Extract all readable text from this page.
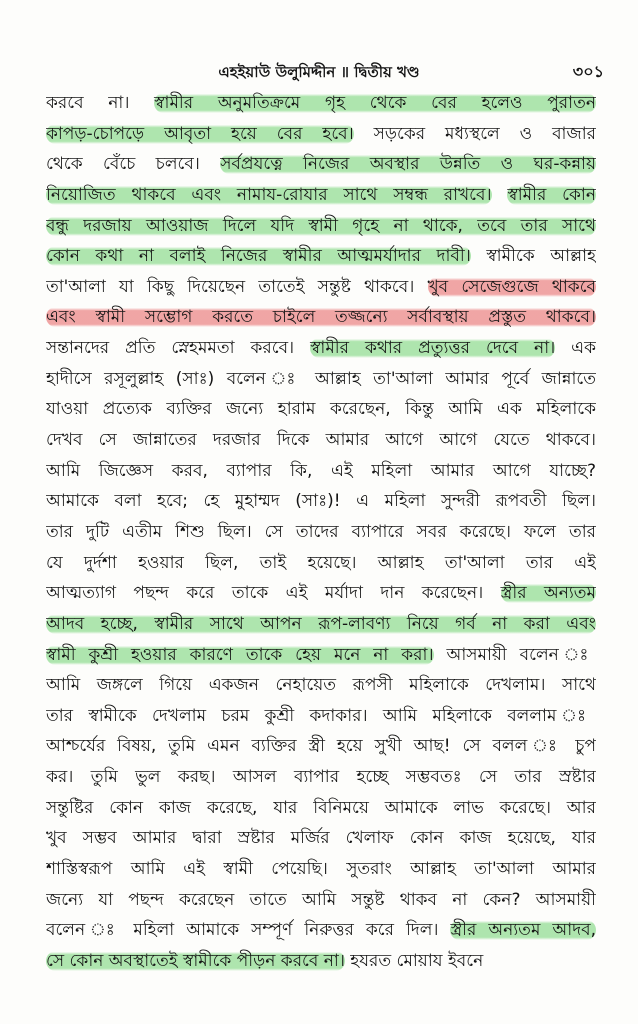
এহইয়াউ উলুমিদ্দীন ॥ দ্বিতীয় খণ্ড	৩০১
করবে না। স্বামীর অনুমতিক্রমে গৃহ থেকে বের হলেও পুরাতন
কাপড়-চোপড়ে আবৃতা হয়ে বের হবে। সড়কের মধ্যস্থলে ও বাজার
থেকে বেঁচে চলবে। সর্বপ্রযত্নে নিজের অবস্থার উন্নতি ও ঘর-কন্নায়
নিয়োজিত থাকবে এবং নামায-রোযার সাথে সম্বন্ধ রাখবে। স্বামীর কোন
বন্ধু দরজায় আওয়াজ দিলে যদি স্বামী গৃহে না থাকে, তবে তার সাথে
কোন কথা না বলাই নিজের স্বামীর আত্মমর্যাদার দাবী। স্বামীকে আল্লাহ
তা'আলা যা কিছু দিয়েছেন তাতেই সন্তুষ্ট থাকবে। খুব সেজেগুজে থাকবে
এবং স্বামী সম্ভোগ করতে চাইলে তজ্জন্যে সর্বাবস্থায় প্রস্তুত থাকবে।
সন্তানদের প্রতি স্নেহমমতা করবে। স্বামীর কথার প্রত্যুত্তর দেবে না। এক
হাদীসে রসূলুল্লাহ (সাঃ) বলেন ঃ আল্লাহ তা'আলা আমার পূর্বে জান্নাতে
যাওয়া প্রত্যেক ব্যক্তির জন্যে হারাম করেছেন, কিন্তু আমি এক মহিলাকে
দেখব সে জান্নাতের দরজার দিকে আমার আগে আগে যেতে থাকবে।
আমি জিজ্ঞেস করব, ব্যাপার কি, এই মহিলা আমার আগে যাচ্ছে?
আমাকে বলা হবে; হে মুহাম্মদ (সাঃ)! এ মহিলা সুন্দরী রূপবতী ছিল।
তার দুটি এতীম শিশু ছিল। সে তাদের ব্যাপারে সবর করেছে। ফলে তার
যে দুর্দশা হওয়ার ছিল, তাই হয়েছে। আল্লাহ তা'আলা তার এই
আত্মত্যাগ পছন্দ করে তাকে এই মর্যাদা দান করেছেন। স্ত্রীর অন্যতম
আদব হচ্ছে, স্বামীর সাথে আপন রূপ-লাবণ্য নিয়ে গর্ব না করা এবং
স্বামী কুশ্রী হওয়ার কারণে তাকে হেয় মনে না করা। আসমায়ী বলেন ঃ
আমি জঙ্গলে গিয়ে একজন নেহায়েত রূপসী মহিলাকে দেখলাম। সাথে
তার স্বামীকে দেখলাম চরম কুশ্রী কদাকার। আমি মহিলাকে বললাম ঃ
আশ্চর্যের বিষয়, তুমি এমন ব্যক্তির স্ত্রী হয়ে সুখী আছ! সে বলল ঃ চুপ
কর। তুমি ভুল করছ। আসল ব্যাপার হচ্ছে সম্ভবতঃ সে তার স্রষ্টার
সন্তুষ্টির কোন কাজ করেছে, যার বিনিময়ে আমাকে লাভ করেছে। আর
খুব সম্ভব আমার দ্বারা স্রষ্টার মর্জির খেলাফ কোন কাজ হয়েছে, যার
শাস্তিস্বরূপ আমি এই স্বামী পেয়েছি। সুতরাং আল্লাহ তা'আলা আমার
জন্যে যা পছন্দ করেছেন তাতে আমি সন্তুষ্ট থাকব না কেন? আসমায়ী
বলেন ঃ মহিলা আমাকে সম্পূর্ণ নিরুত্তর করে দিল। স্ত্রীর অন্যতম আদব,
সে কোন অবস্থাতেই স্বামীকে পীড়ন করবে না। হযরত মোয়ায ইবনে
